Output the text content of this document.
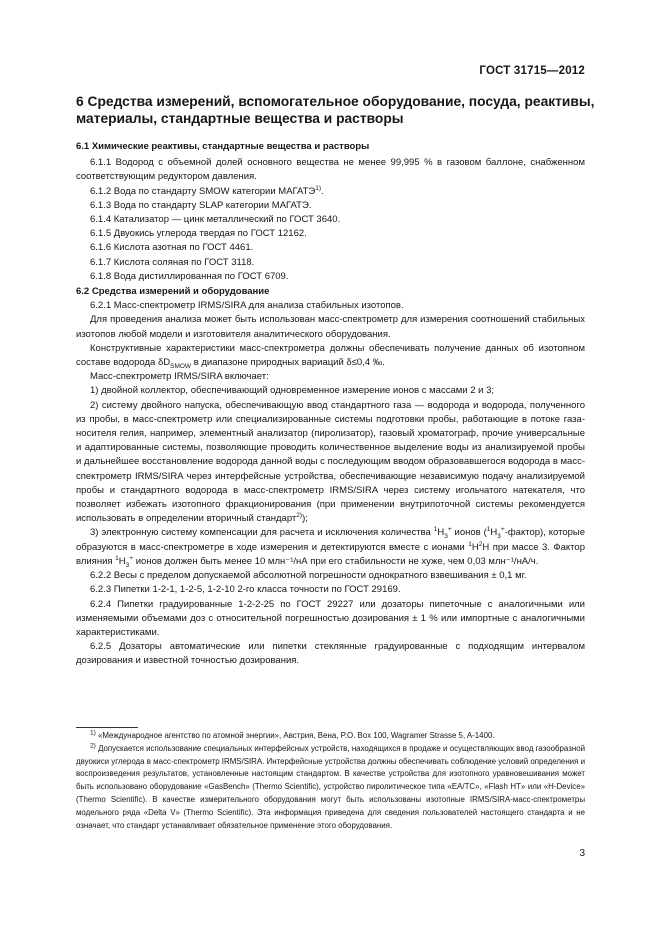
ГОСТ 31715—2012
6 Средства измерений, вспомогательное оборудование, посуда, реактивы, материалы, стандартные вещества и растворы

6.1 Химические реактивы, стандартные вещества и растворы

6.1.1 Водород с объемной долей основного вещества не менее 99,995 % в газовом баллоне, снабженном соответствующим редуктором давления.

6.1.2 Вода по стандарту SMOW категории МАГАТЭ$^{1)}$.

6.1.3 Вода по стандарту SLAP категории МАГАТЭ.

6.1.4 Катализатор — цинк металлический по ГОСТ 3640.

6.1.5 Двуокись углерода твердая по ГОСТ 12162.

6.1.6 Кислота азотная по ГОСТ 4461.

6.1.7 Кислота соляная по ГОСТ 3118.

6.1.8 Вода дистиллированная по ГОСТ 6709.

6.2 Средства измерений и оборудование

6.2.1 Масс-спектрометр IRMS/SIRA для анализа стабильных изотопов.

Для проведения анализа может быть использован масс-спектрометр для измерения соотношений стабильных изотопов любой модели и изготовителя аналитического оборудования.

Конструктивные характеристики масс-спектрометра должны обеспечивать получение данных об изотопном составе водорода $\delta D_{SMOW}$ в диапазоне природных вариаций δ≤0,4 ‰.

Масс-спектрометр IRMS/SIRA включает:

1) двойной коллектор, обеспечивающий одновременное измерение ионов с массами 2 и 3;

2) систему двойного напуска, обеспечивающую ввод стандартного газа — водорода и водорода, полученного из пробы, в масс-спектрометр или специализированные системы подготовки пробы, работающие в потоке газа-носителя гелия, например, элементный анализатор (пиролизатор), газовый хроматограф, прочие универсальные и адаптированные системы, позволяющие проводить количественное выделение воды из анализируемой пробы и дальнейшее восстановление водорода данной воды с последующим вводом образовавшегося водорода в масс-спектрометр IRMS/SIRA через интерфейсные устройства, обеспечивающие независимую подачу анализируемой пробы и стандартного водорода в масс-спектрометр IRMS/SIRA через систему игольчатого натекателя, что позволяет избежать изотопного фракционирования (при применении внутрипоточной системы рекомендуется использовать в определении вторичный стандарт$^{2)}$);

3) электронную систему компенсации для расчета и исключения количества $^1H_3^+$ ионов $(^1H_3^+-фактор)$, которые образуются в масс-спектрометре в ходе измерения и детектируются вместе с ионами $^1H^2H$ при массе 3. Фактор влияния $^1H_3^+$ ионов должен быть менее 10 млн⁻¹/нА при его стабильности не хуже, чем 0,03 млн⁻¹/нА/ч.

6.2.2 Весы с пределом допускаемой абсолютной погрешности однократного взвешивания ± 0,1 мг.

6.2.3 Пипетки 1-2-1, 1-2-5, 1-2-10 2-го класса точности по ГОСТ 29169.

6.2.4 Пипетки градуированные 1-2-2-25 по ГОСТ 29227 или дозаторы пипеточные с аналогичными или изменяемыми объемами доз с относительной погрешностью дозирования ± 1 % или импортные с аналогичными характеристиками.

6.2.5 Дозаторы автоматические или пипетки стеклянные градуированные с подходящим интервалом дозирования и известной точностью дозирования.

$^{1)}$ «Международное агентство по атомной энергии», Австрия, Вена, P.O. Box 100, Wagramer Strasse 5, A-1400.

$^{2)}$ Допускается использование специальных интерфейсных устройств, находящихся в продаже и осуществляющих ввод газообразной двуокиси углерода в масс-спектрометр IRMS/SIRA. Интерфейсные устройства должны обеспечивать соблюдение условий определения и воспроизведения результатов, установленные настоящим стандартом. В качестве устройства для изотопного уравновешивания может быть использовано оборудование «GasBench» (Thermo Scientific), устройство пиролитическое типа «EA/TC», «Flash HT» или «H-Device» (Thermo Scientific). В качестве измерительного оборудования могут быть использованы изотопные IRMS/SIRA-масс-спектрометры модельного ряда «Delta V» (Thermo Scientific). Эта информация приведена для сведения пользователей настоящего стандарта и не означает, что стандарт устанавливает обязательное применение этого оборудования.

3
